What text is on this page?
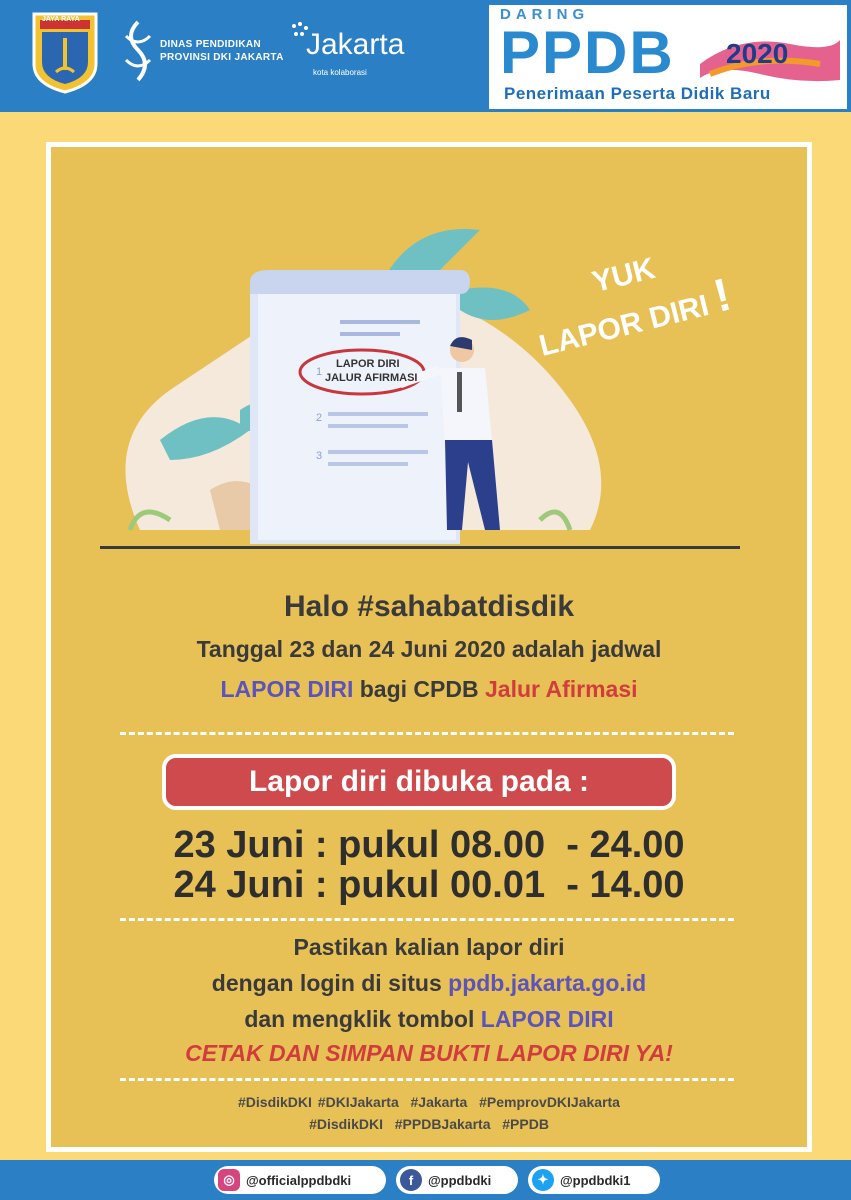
JAYA RAYA
DINAS PENDIDIKAN
PROVINSI DKI JAKARTA Jakarta
kota kolaborasi
DARING
PPDB 2020
Penerimaan Peserta Didik Baru
LAPOR DIRI
JALUR AFIRMASI
1
2
3
YUK
LAPOR DIRI !
Halo #sahabatdisdik
Tanggal 23 dan 24 Juni 2020 adalah jadwal
LAPOR DIRI bagi CPDB Jalur Afirmasi
Lapor diri dibuka pada :
23 Juni : pukul 08.00  - 24.00
24 Juni : pukul 00.01  - 14.00
Pastikan kalian lapor diri
dengan login di situs ppdb.jakarta.go.id
dan mengklik tombol LAPOR DIRI
CETAK DAN SIMPAN BUKTI LAPOR DIRI YA!
#DisdikDKI #DKIJakarta  #Jakarta  #PemprovDKIJakarta
#DisdikDKI  #PPDBJakarta  #PPDB
◎ @officialppdbdki	f	@ppdbdki	✦ @ppdbdki1
